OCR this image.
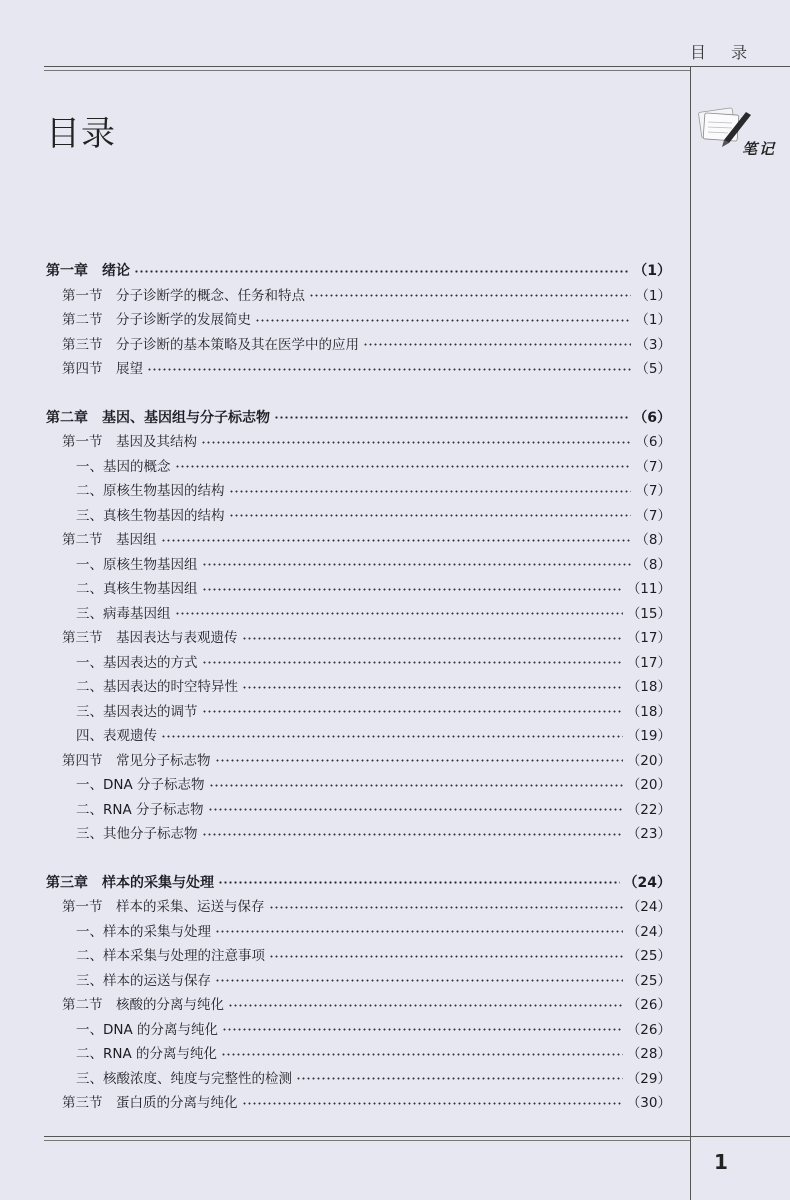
目 录
笔记
目录
第一章　绪论	（1）
第一节　分子诊断学的概念、任务和特点	（1）
第二节　分子诊断学的发展简史	（1）
第三节　分子诊断的基本策略及其在医学中的应用	（3）
第四节　展望	（5）
第二章　基因、基因组与分子标志物	（6）
第一节　基因及其结构	（6）
一、基因的概念	（7）
二、原核生物基因的结构	（7）
三、真核生物基因的结构	（7）
第二节　基因组	（8）
一、原核生物基因组	（8）
二、真核生物基因组	（11）
三、病毒基因组	（15）
第三节　基因表达与表观遗传	（17）
一、基因表达的方式	（17）
二、基因表达的时空特异性	（18）
三、基因表达的调节	（18）
四、表观遗传	（19）
第四节　常见分子标志物	（20）
一、DNA 分子标志物	（20）
二、RNA 分子标志物	（22）
三、其他分子标志物	（23）
第三章　样本的采集与处理	（24）
第一节　样本的采集、运送与保存	（24）
一、样本的采集与处理	（24）
二、样本采集与处理的注意事项	（25）
三、样本的运送与保存	（25）
第二节　核酸的分离与纯化	（26）
一、DNA 的分离与纯化	（26）
二、RNA 的分离与纯化	（28）
三、核酸浓度、纯度与完整性的检测	（29）
第三节　蛋白质的分离与纯化	（30）
1
